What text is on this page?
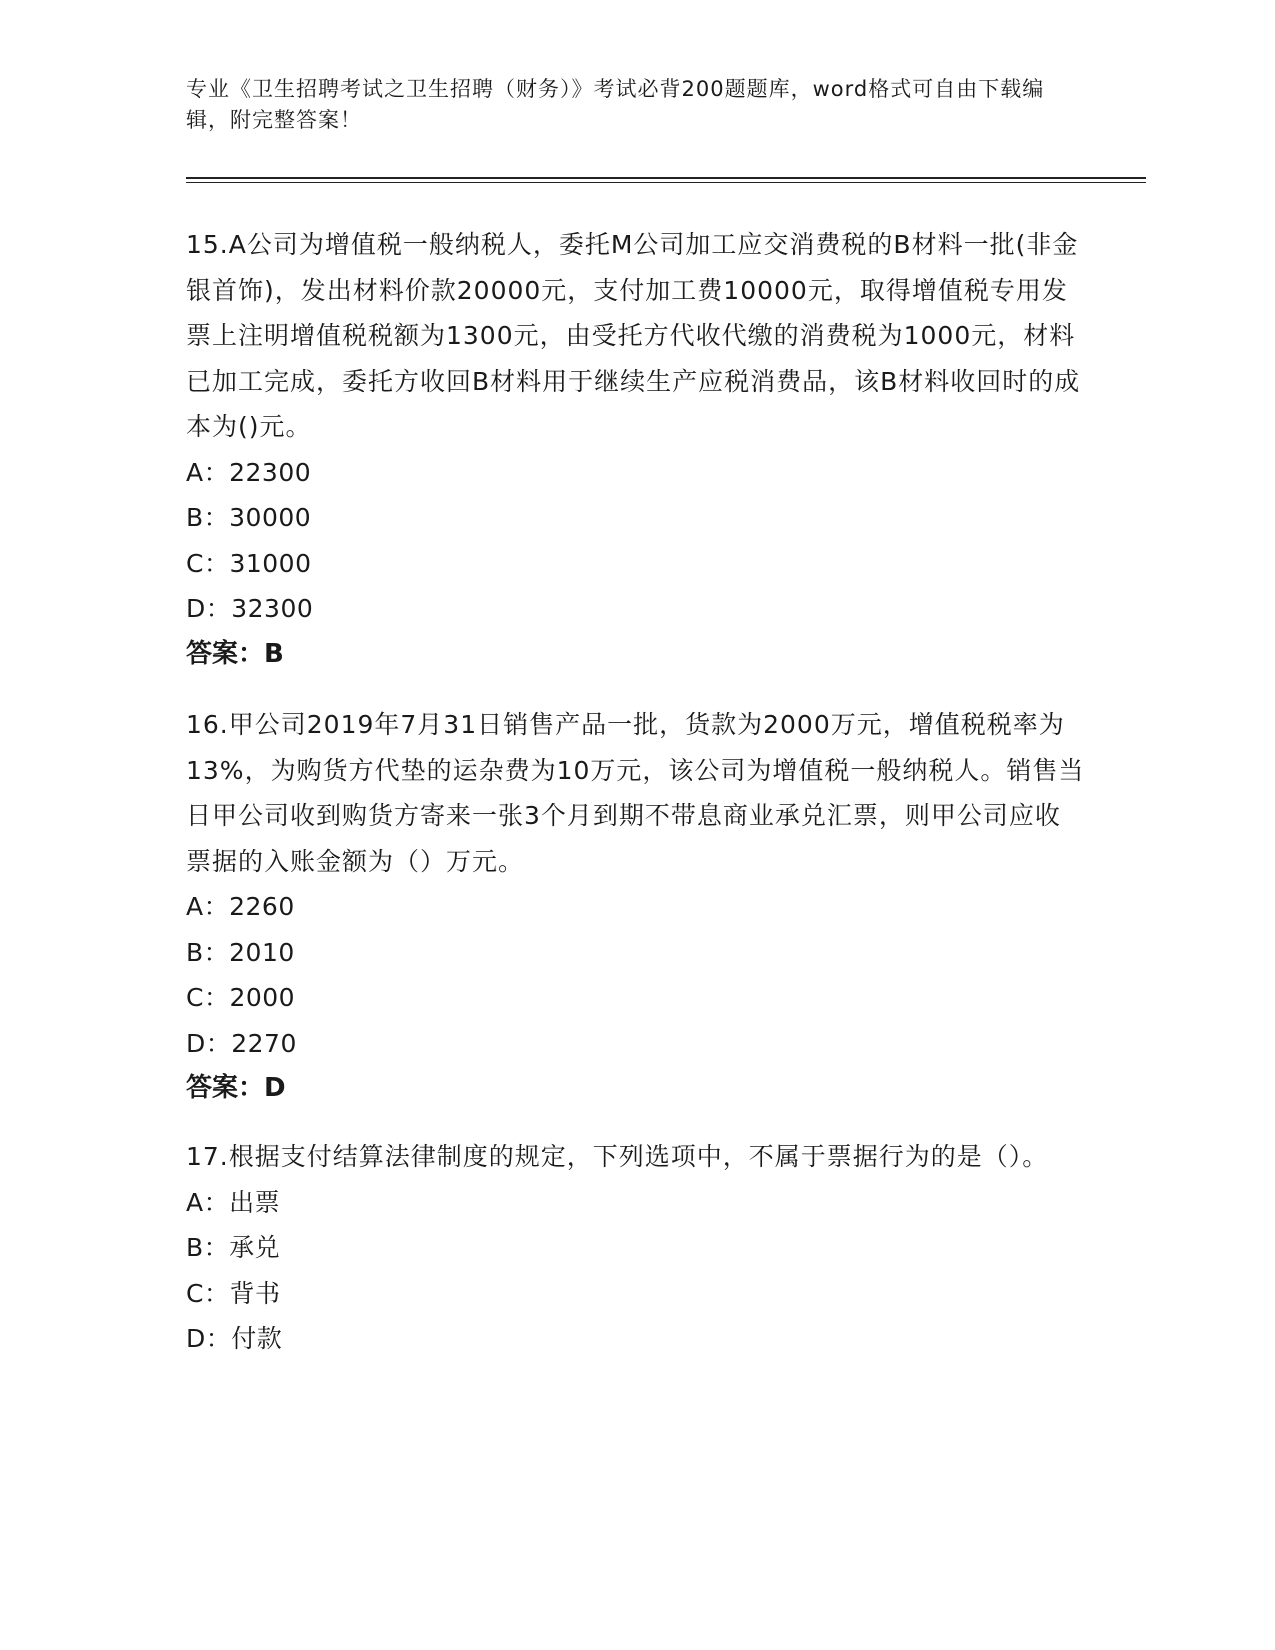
专业《卫生招聘考试之卫生招聘（财务）》考试必背200题题库，word格式可自由下载编辑，附完整答案！
15.A公司为增值税一般纳税人，委托M公司加工应交消费税的B材料一批(非金银首饰)，发出材料价款20000元，支付加工费10000元，取得增值税专用发票上注明增值税税额为1300元，由受托方代收代缴的消费税为1000元，材料已加工完成，委托方收回B材料用于继续生产应税消费品，该B材料收回时的成本为()元。
A：22300
B：30000
C：31000
D：32300
答案：B
16.甲公司2019年7月31日销售产品一批，货款为2000万元，增值税税率为13%，为购货方代垫的运杂费为10万元，该公司为增值税一般纳税人。销售当日甲公司收到购货方寄来一张3个月到期不带息商业承兑汇票，则甲公司应收票据的入账金额为（）万元。
A：2260
B：2010
C：2000
D：2270
答案：D
17.根据支付结算法律制度的规定，下列选项中，不属于票据行为的是（）。
A：出票
B：承兑
C：背书
D：付款
